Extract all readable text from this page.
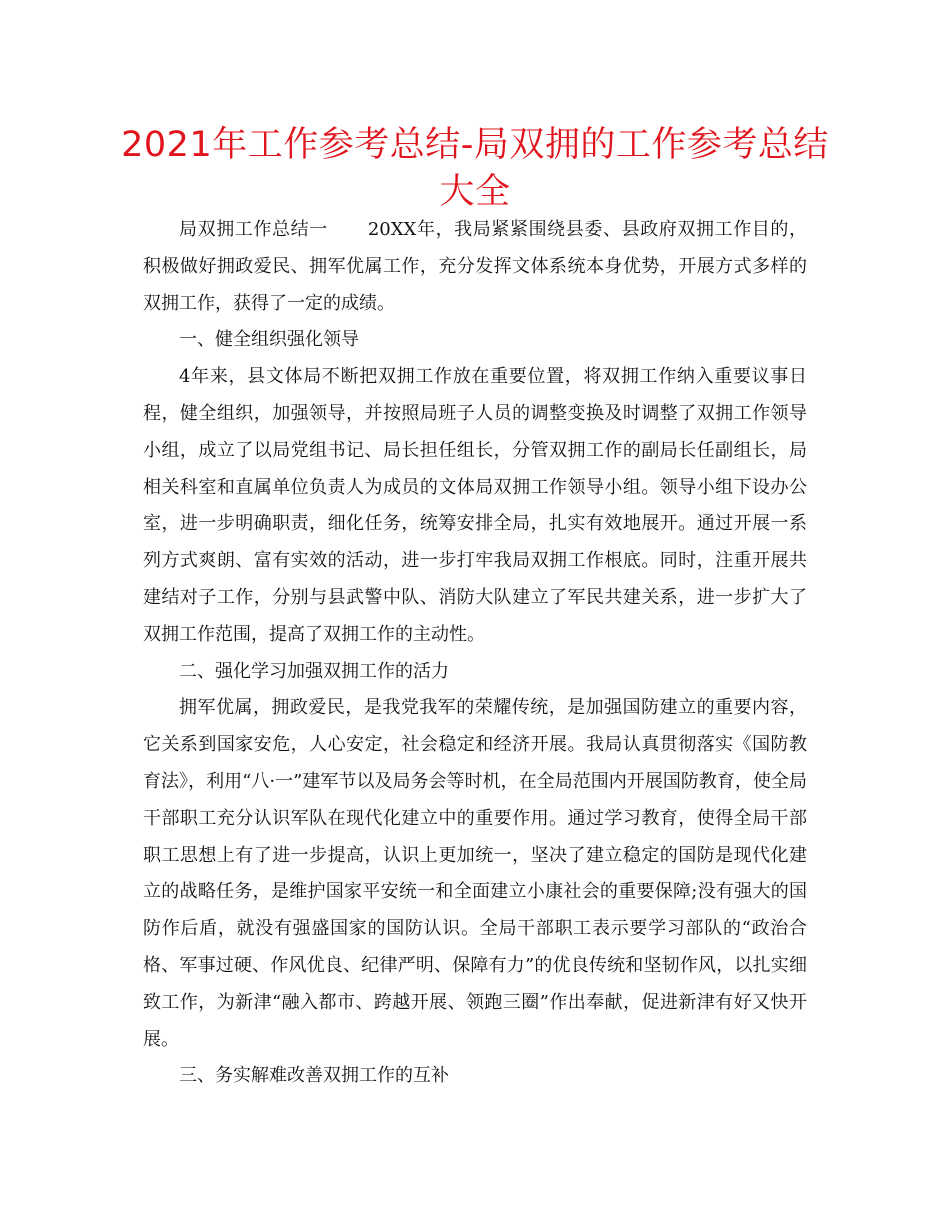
2021年工作参考总结-局双拥的工作参考总结大全

局双拥工作总结一 20XX年，我局紧紧围绕县委、县政府双拥工作目的，积极做好拥政爱民、拥军优属工作，充分发挥文体系统本身优势，开展方式多样的双拥工作，获得了一定的成绩。

一、健全组织强化领导

4年来，县文体局不断把双拥工作放在重要位置，将双拥工作纳入重要议事日程，健全组织，加强领导，并按照局班子人员的调整变换及时调整了双拥工作领导小组，成立了以局党组书记、局长担任组长，分管双拥工作的副局长任副组长，局相关科室和直属单位负责人为成员的文体局双拥工作领导小组。领导小组下设办公室，进一步明确职责，细化任务，统筹安排全局，扎实有效地展开。通过开展一系列方式爽朗、富有实效的活动，进一步打牢我局双拥工作根底。同时，注重开展共建结对子工作，分别与县武警中队、消防大队建立了军民共建关系，进一步扩大了双拥工作范围，提高了双拥工作的主动性。

二、强化学习加强双拥工作的活力

拥军优属，拥政爱民，是我党我军的荣耀传统，是加强国防建立的重要内容，它关系到国家安危，人心安定，社会稳定和经济开展。我局认真贯彻落实《国防教育法》，利用“八·一”建军节以及局务会等时机，在全局范围内开展国防教育，使全局干部职工充分认识军队在现代化建立中的重要作用。通过学习教育，使得全局干部职工思想上有了进一步提高，认识上更加统一，坚决了建立稳定的国防是现代化建立的战略任务，是维护国家平安统一和全面建立小康社会的重要保障;没有强大的国防作后盾，就没有强盛国家的国防认识。全局干部职工表示要学习部队的“政治合格、军事过硬、作风优良、纪律严明、保障有力”的优良传统和坚韧作风，以扎实细致工作，为新津“融入都市、跨越开展、领跑三圈”作出奉献，促进新津有好又快开展。

三、务实解难改善双拥工作的互补
